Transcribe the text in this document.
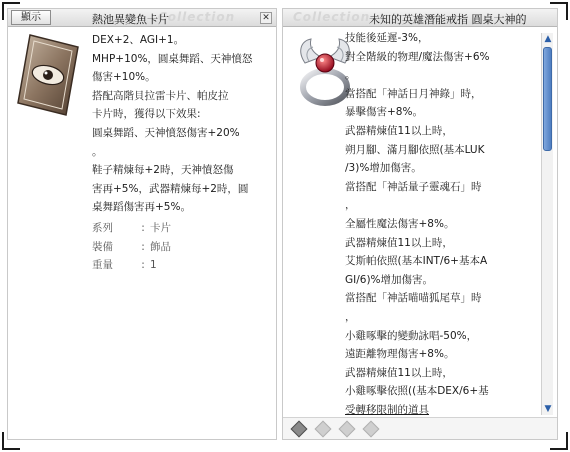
顯示	Collection
熱池異變魚卡片	✕
DEX+2、AGI+1。
MHP+10%，圓桌舞蹈、天神憤怒
傷害+10%。
搭配高階貝拉雷卡片、帕皮拉
卡片時，獲得以下效果:
圓桌舞蹈、天神憤怒傷害+20%
。
鞋子精煉每+2時，天神憤怒傷
害再+5%，武器精煉每+2時，圓
桌舞蹈傷害再+5%。
系列	: 卡片
裝備	: 飾品
重量	: 1
Collection
未知的英雄潛能戒指 圓桌大神的
技能後延遲-3%，
對全階級的物理/魔法傷害+6%
。
當搭配「神話日月神錄」時，
暴擊傷害+8%。
武器精煉值11以上時，
朔月腳、滿月腳依照(基本LUK
/3)%增加傷害。
當搭配「神話量子靈魂石」時
，
全屬性魔法傷害+8%。
武器精煉值11以上時，
艾斯帕依照(基本INT/6+基本A
GI/6)%增加傷害。
當搭配「神話喵喵狐尾草」時
，
小雞啄擊的變動詠唱-50%，
遠距離物理傷害+8%。
武器精煉值11以上時，
小雞啄擊依照((基本DEX/6+基
受轉移限制的道具
▲
▼
